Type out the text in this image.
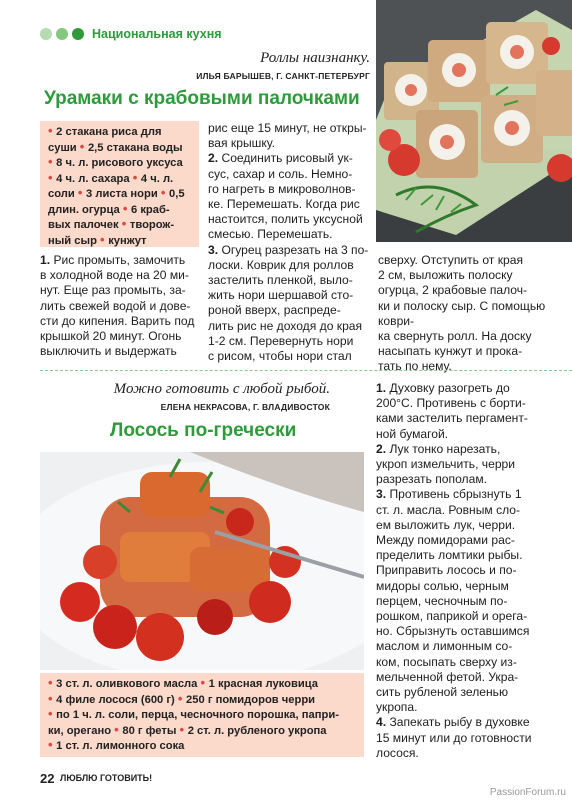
Национальная кухня
Роллы наизнанку.
ИЛЬЯ БАРЫШЕВ, Г. САНКТ-ПЕТЕРБУРГ
Урамаки с крабовыми палочками
• 2 стакана риса для
суши • 2,5 стакана воды
• 8 ч. л. рисового уксуса
• 4 ч. л. сахара • 4 ч. л.
соли • 3 листа нори • 0,5
длин. огурца • 6 краб-
вых палочек • творож-
ный сыр • кунжут

1. Рис промыть, замочить

в холодной воде на 20 ми-

нут. Еще раз промыть, за-

лить свежей водой и дове-

сти до кипения. Варить под

крышкой 20 минут. Огонь

выключить и выдержать

рис еще 15 минут, не откры-

вая крышку.

2. Соединить рисовый ук-

сус, сахар и соль. Немно-

го нагреть в микроволнов-

ке. Перемешать. Когда рис

настоится, полить уксусной

смесью. Перемешать.

3. Огурец разрезать на 3 по-

лоски. Коврик для роллов

застелить пленкой, выло-

жить нори шершавой сто-

роной вверх, распреде-

лить рис не доходя до края

1-2 см. Перевернуть нори

с рисом, чтобы нори стал

сверху. Отступить от края

2 см, выложить полоску

огурца, 2 крабовые палоч-

ки и полоску сыр. С помощью коври-

ка свернуть ролл. На доску

насыпать кунжут и прока-

тать по нему.

Можно готовить с любой рыбой.
ЕЛЕНА НЕКРАСОВА, Г. ВЛАДИВОСТОК
Лосось по-гречески
• 3 ст. л. оливкового масла • 1 красная луковица
• 4 филе лосося (600 г) • 250 г помидоров черри
• по 1 ч. л. соли, перца, чесночного порошка, папри-
ки, орегано • 80 г феты • 2 ст. л. рубленого укропа
• 1 ст. л. лимонного сока

1. Духовку разогреть до

200°С. Противень с борти-

ками застелить пергамент-

ной бумагой.

2. Лук тонко нарезать,

укроп измельчить, черри

разрезать пополам.

3. Противень сбрызнуть 1

ст. л. масла. Ровным сло-

ем выложить лук, черри.

Между помидорами рас-

пределить ломтики рыбы.

Приправить лосось и по-

мидоры солью, черным

перцем, чесночным по-

рошком, паприкой и орега-

но. Сбрызнуть оставшимся

маслом и лимонным со-

ком, посыпать сверху из-

мельченной фетой. Укра-

сить рубленой зеленью

укропа.

4. Запекать рыбу в духовке

15 минут или до готовности

лосося.

22 ЛЮБЛЮ ГОТОВИТЬ!
PassionForum.ru
